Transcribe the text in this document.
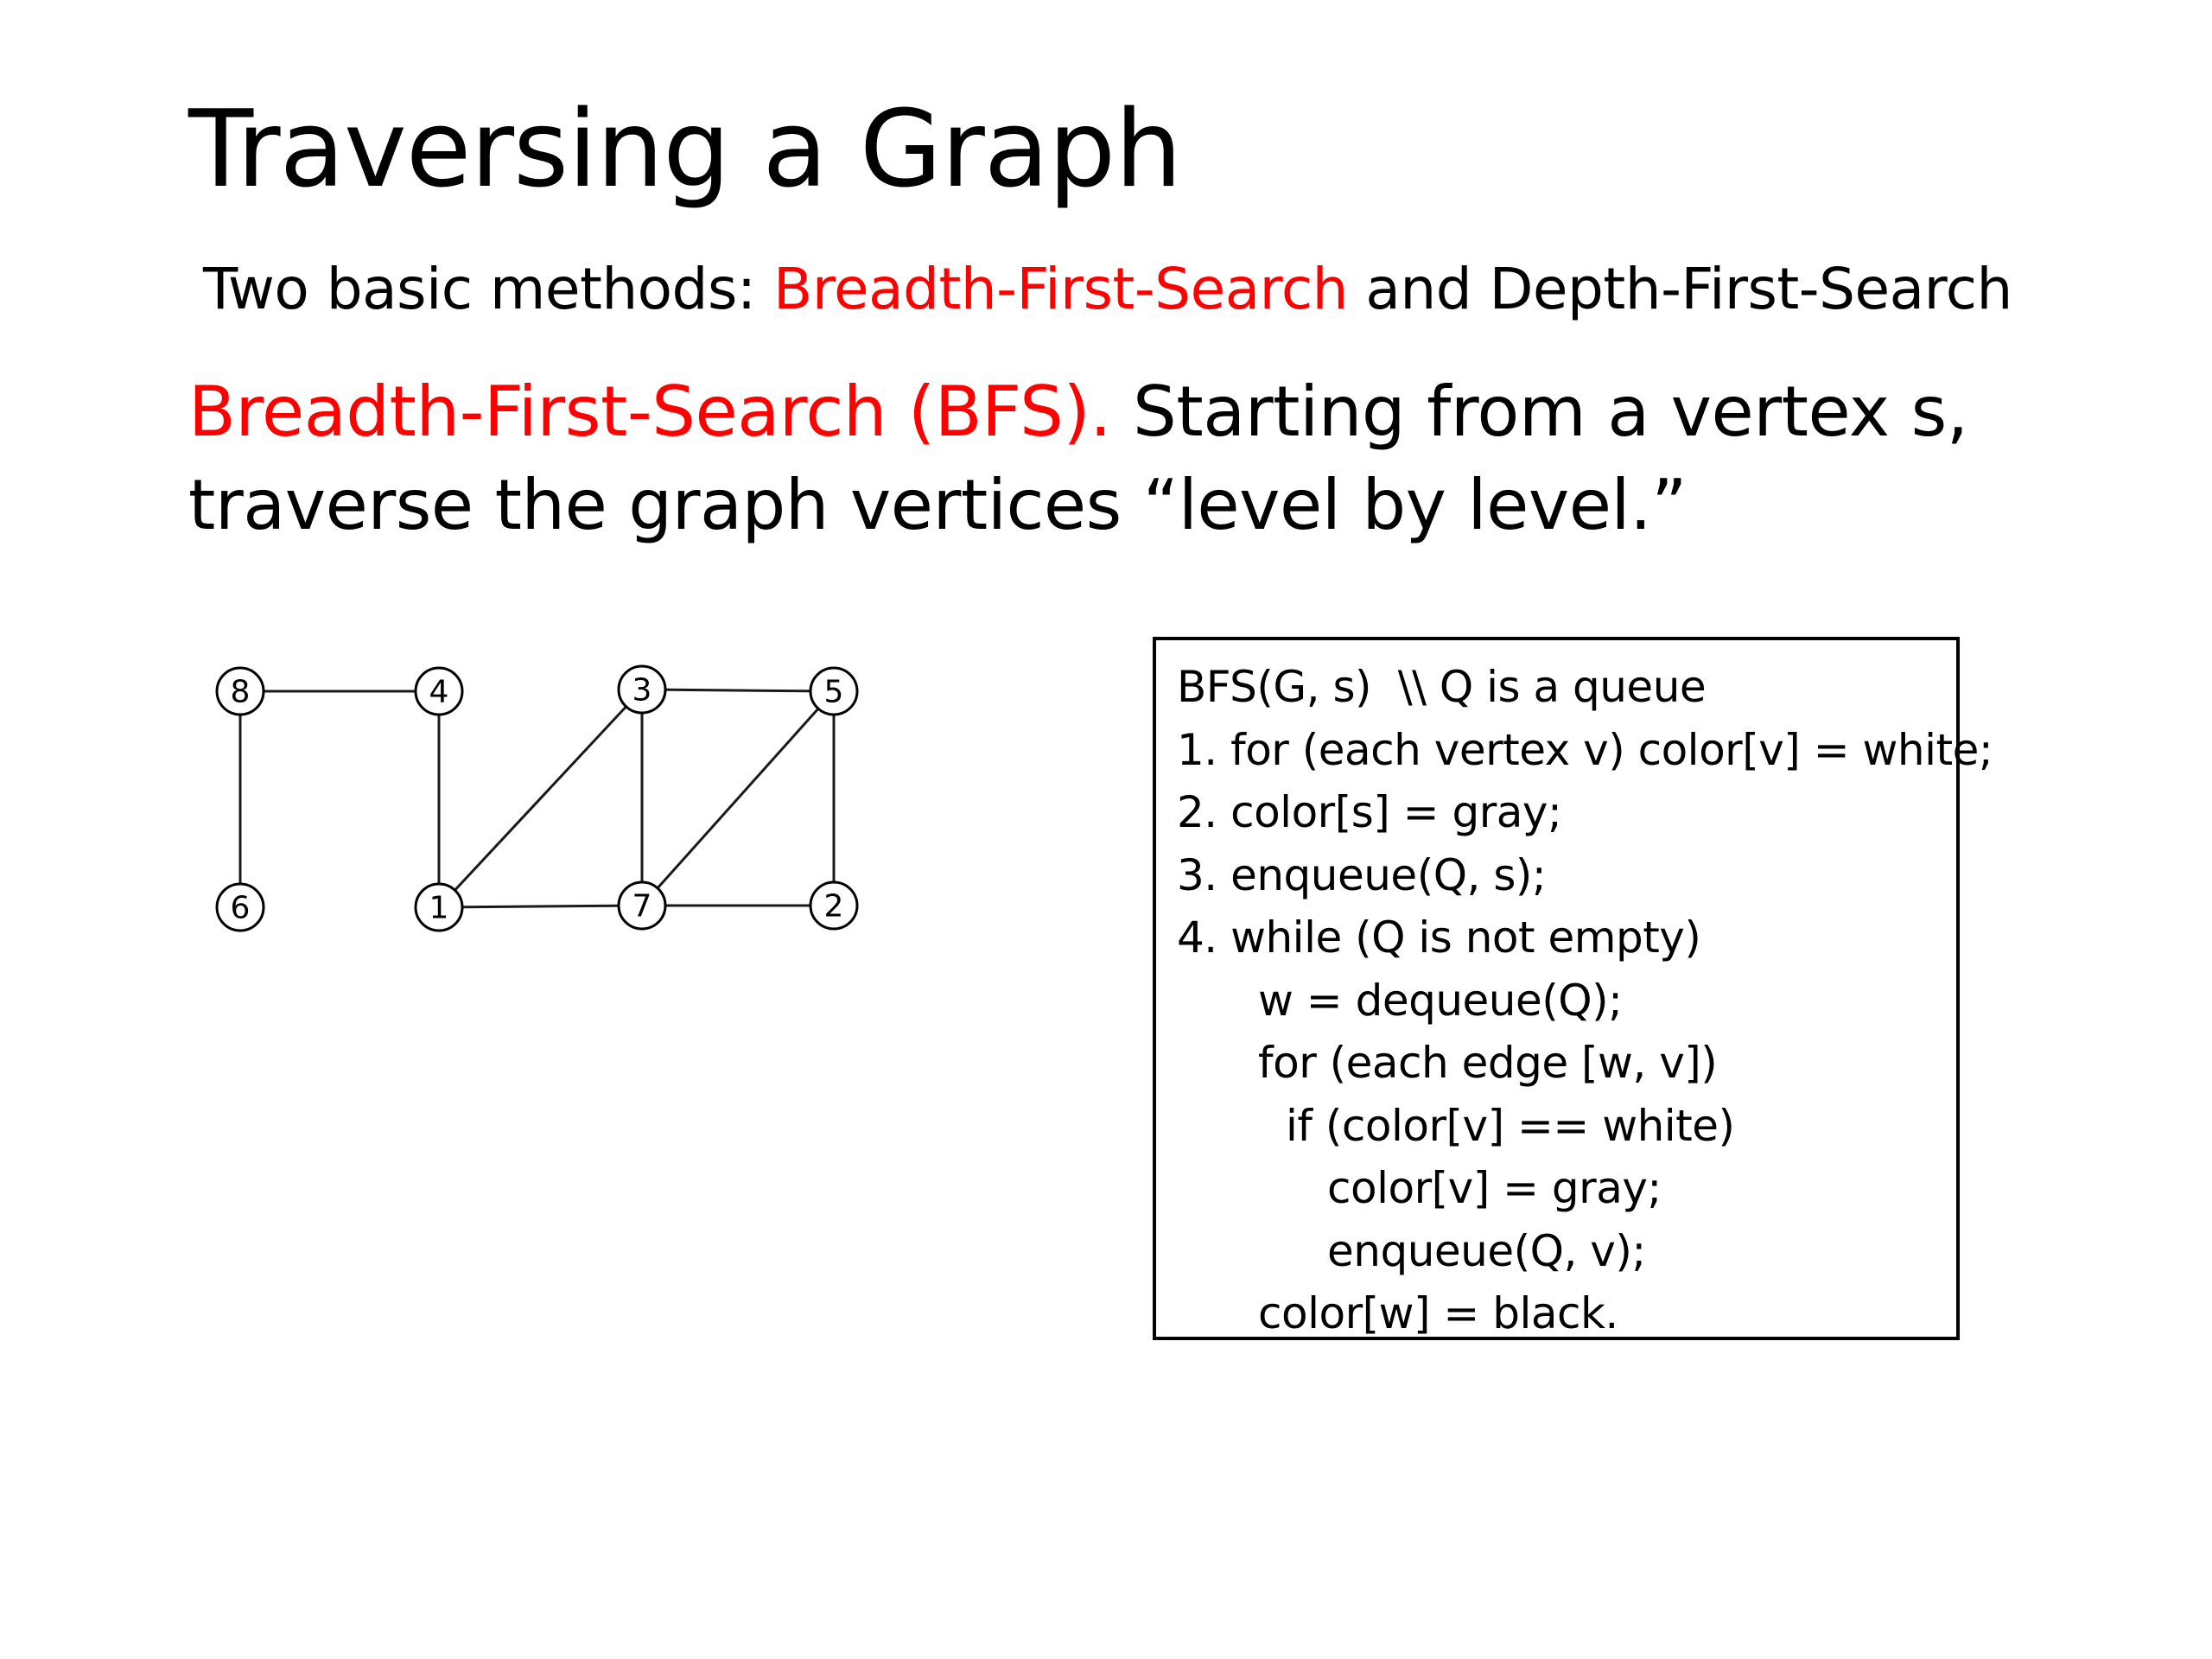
Traversing a Graph
Two basic methods: Breadth-First-Search and Depth-First-Search
Breadth-First-Search (BFS). Starting from a vertex s, traverse the graph vertices “level by level.”
8	4	3	5
6	1	7	2
BFS(G, s)  \\ Q is a queue
1. for (each vertex v) color[v] = white;
2. color[s] = gray;
3. enqueue(Q, s);
4. while (Q is not empty)
w = dequeue(Q);
for (each edge [w, v])
if (color[v] == white)
color[v] = gray;
enqueue(Q, v);
color[w] = black.
